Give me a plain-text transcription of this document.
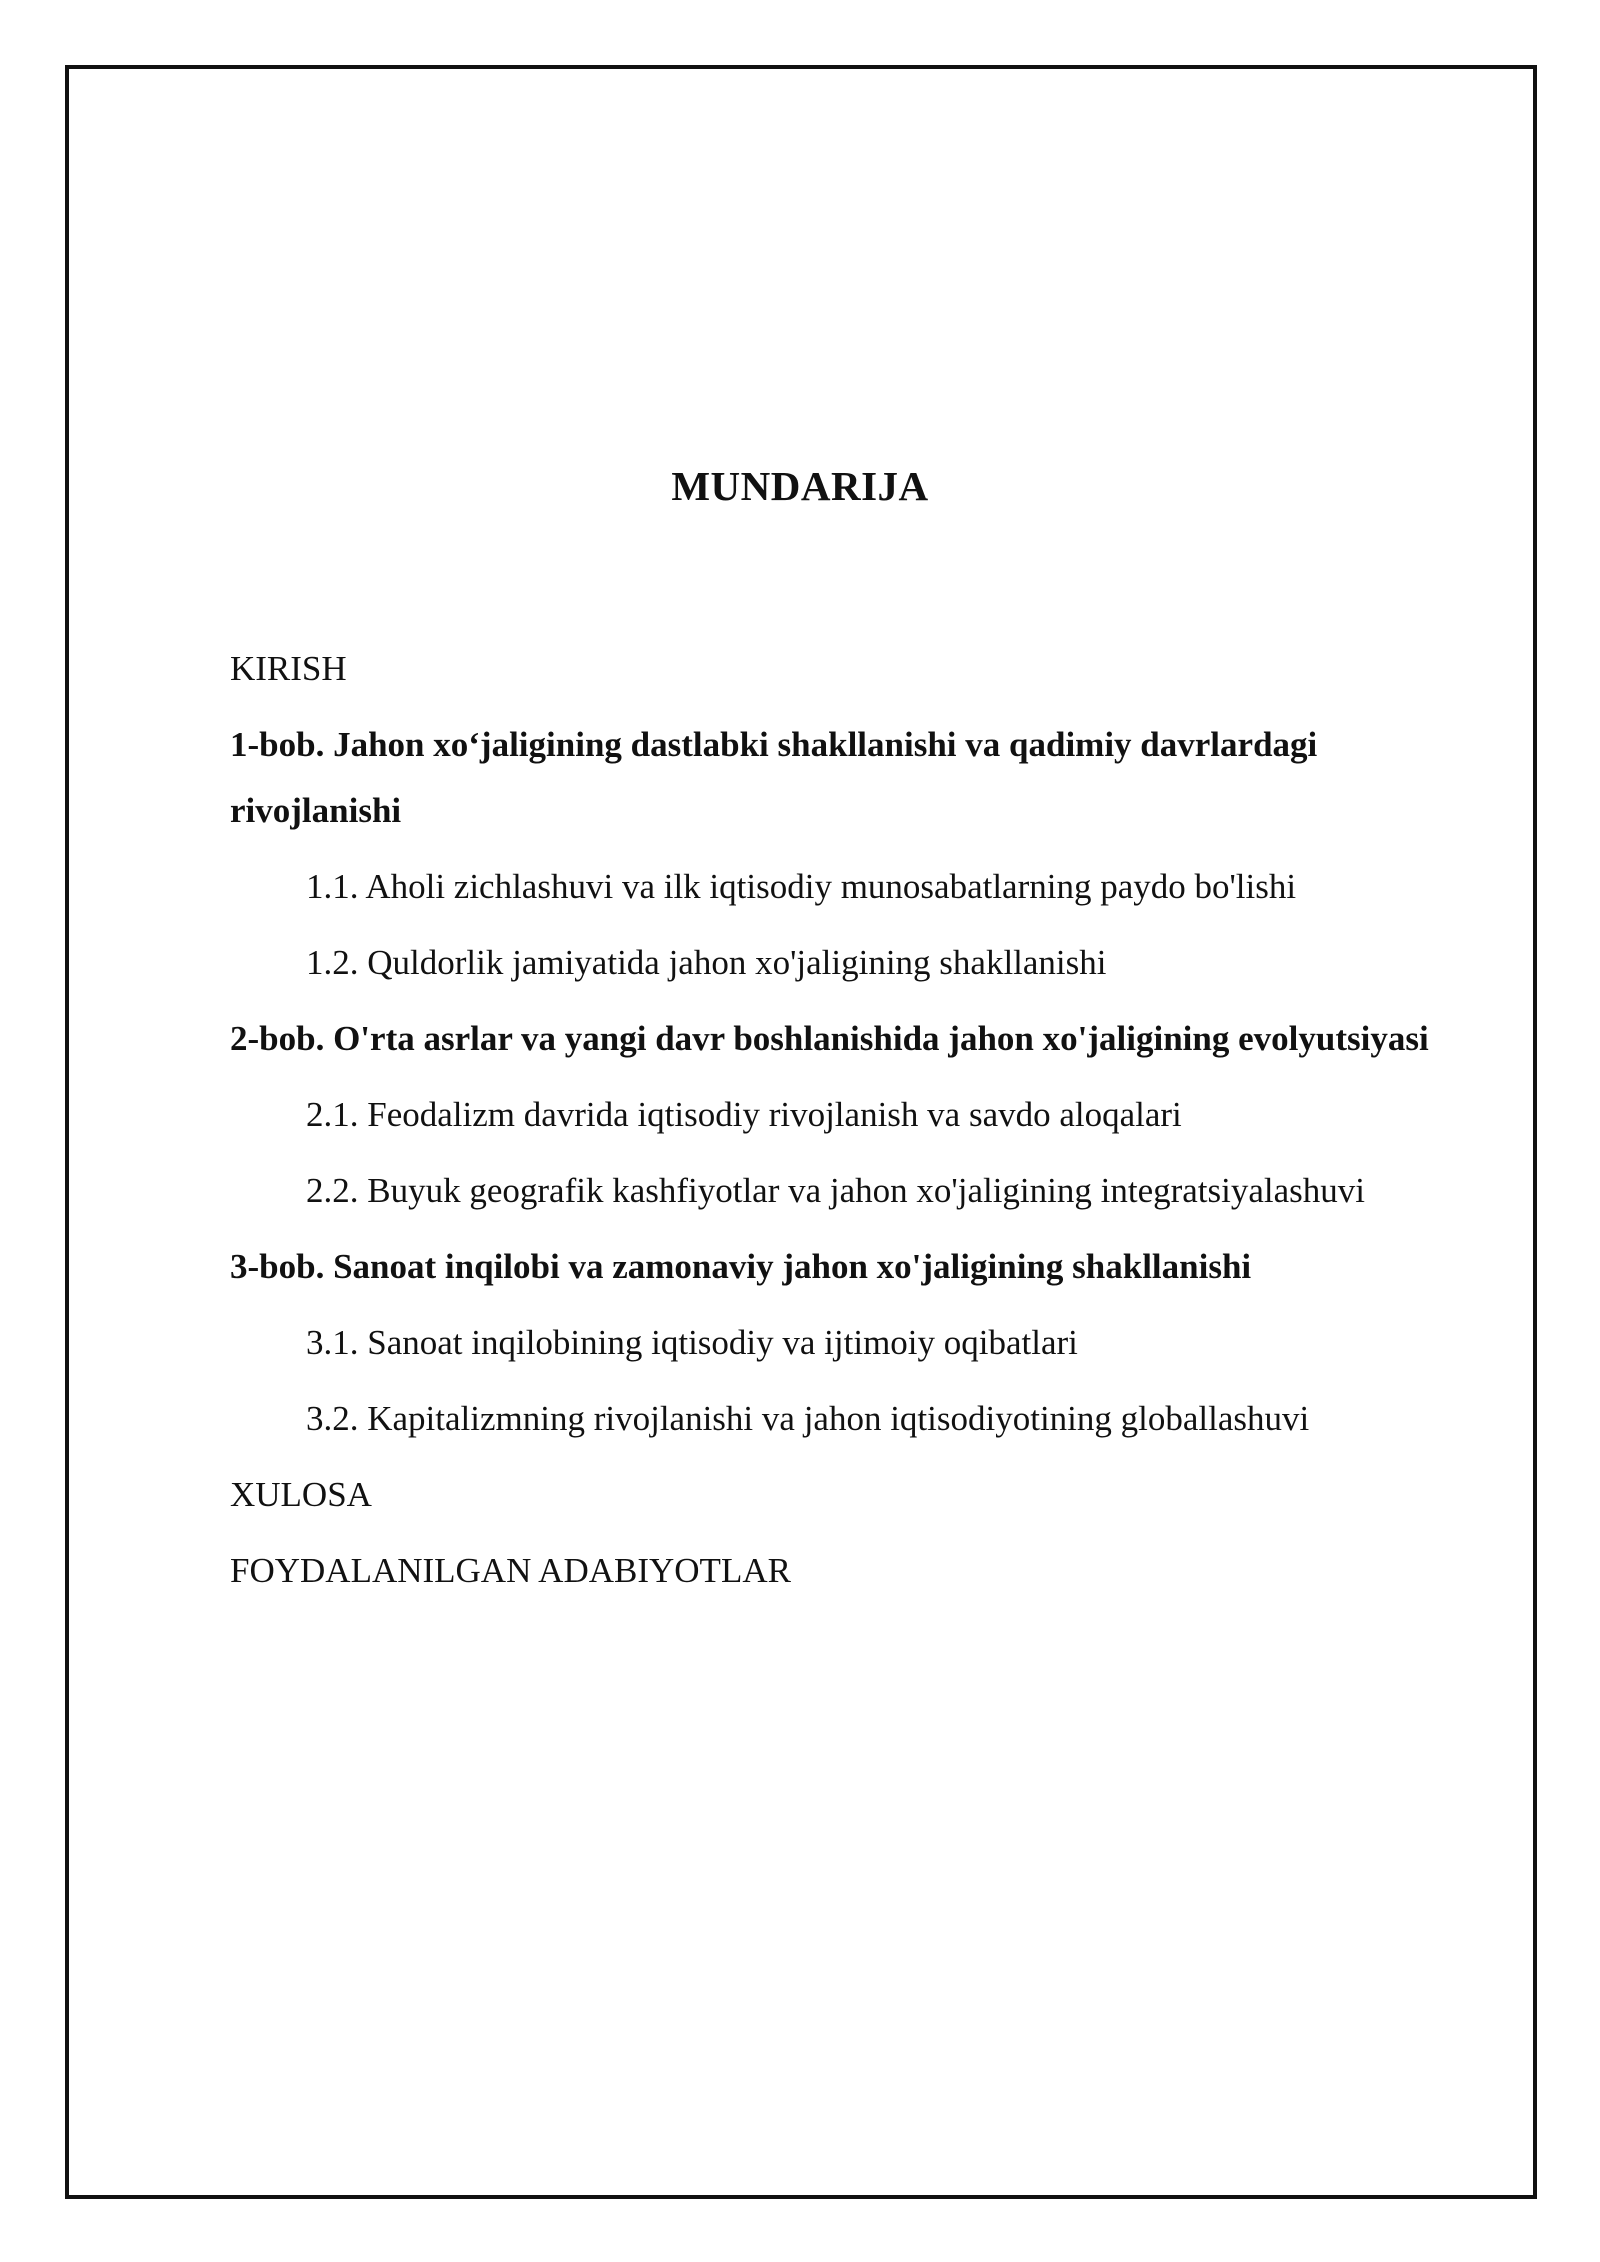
MUNDARIJA
KIRISH
1-bob. Jahon xo‘jaligining dastlabki shakllanishi va qadimiy davrlardagi rivojlanishi
1.1. Aholi zichlashuvi va ilk iqtisodiy munosabatlarning paydo bo'lishi
1.2. Quldorlik jamiyatida jahon xo'jaligining shakllanishi
2-bob. O'rta asrlar va yangi davr boshlanishida jahon xo'jaligining evolyutsiyasi
2.1. Feodalizm davrida iqtisodiy rivojlanish va savdo aloqalari
2.2. Buyuk geografik kashfiyotlar va jahon xo'jaligining integratsiyalashuvi
3-bob. Sanoat inqilobi va zamonaviy jahon xo'jaligining shakllanishi
3.1. Sanoat inqilobining iqtisodiy va ijtimoiy oqibatlari
3.2. Kapitalizmning rivojlanishi va jahon iqtisodiyotining globallashuvi
XULOSA
FOYDALANILGAN ADABIYOTLAR
